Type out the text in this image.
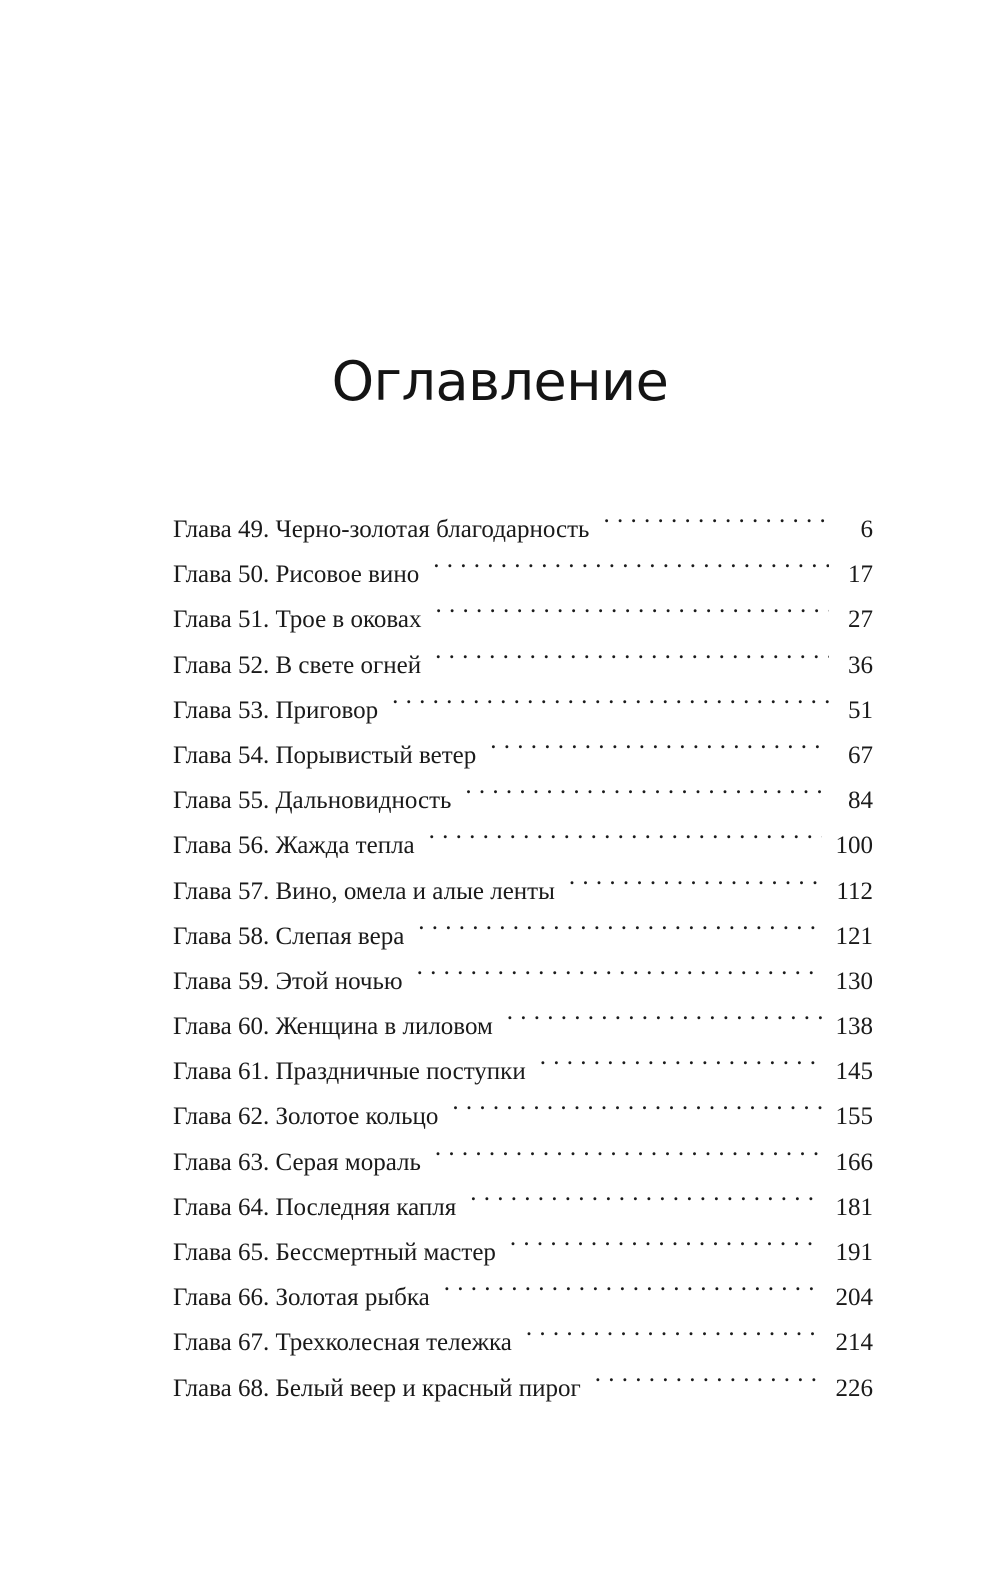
Оглавление
Глава 49. Черно-золотая благодарность . . .	6
Глава 50. Рисовое вино . . .	17
Глава 51. Трое в оковах . . .	27
Глава 52. В свете огней . . .	36
Глава 53. Приговор . . .	51
Глава 54. Порывистый ветер . . .	67
Глава 55. Дальновидность . . .	84
Глава 56. Жажда тепла . . .	100
Глава 57. Вино, омела и алые ленты . . .	112
Глава 58. Слепая вера . . .	121
Глава 59. Этой ночью . . .	130
Глава 60. Женщина в лиловом . . .	138
Глава 61. Праздничные поступки . . .	145
Глава 62. Золотое кольцо . . .	155
Глава 63. Серая мораль . . .	166
Глава 64. Последняя капля . . .	181
Глава 65. Бессмертный мастер . . .	191
Глава 66. Золотая рыбка . . .	204
Глава 67. Трехколесная тележка . . .	214
Глава 68. Белый веер и красный пирог . . .	226
